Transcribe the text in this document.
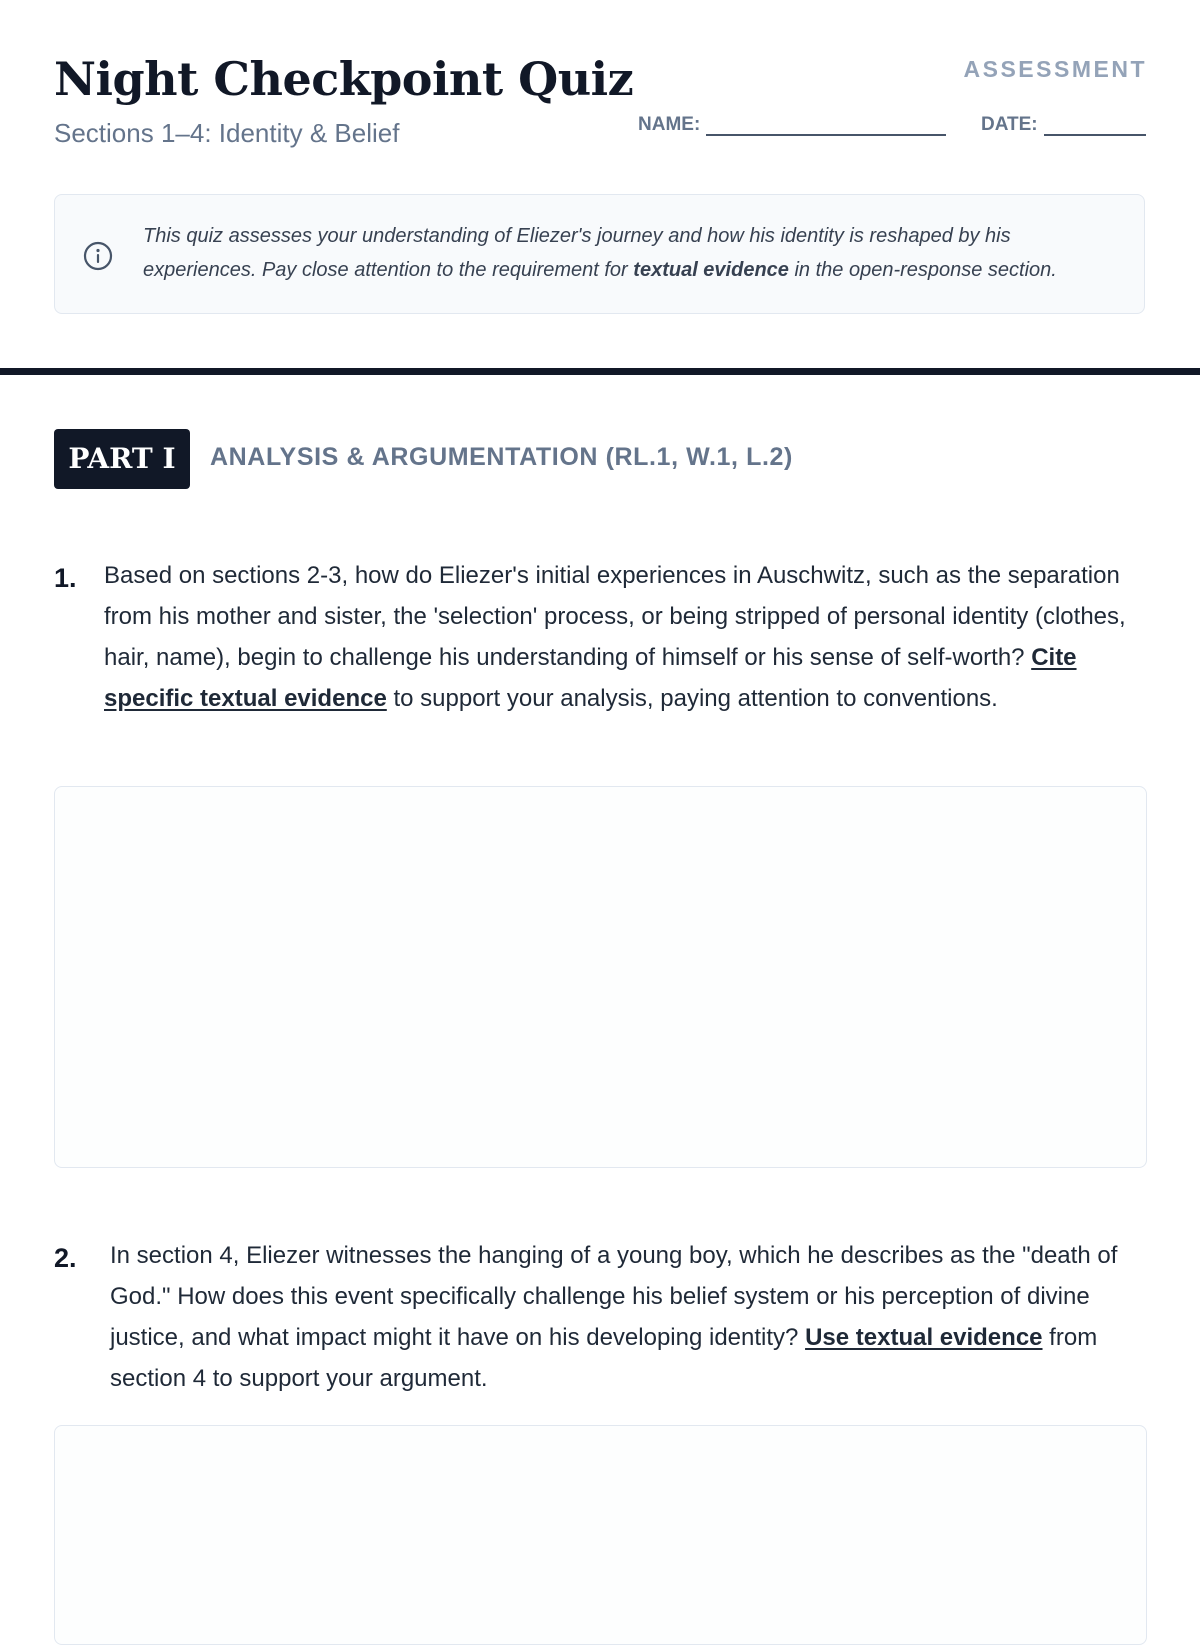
Night Checkpoint Quiz
Sections 1–4: Identity & Belief
ASSESSMENT
NAME:	DATE:
This quiz assesses your understanding of Eliezer's journey and how his identity is reshaped by his experiences. Pay close attention to the requirement for textual evidence in the open-response section.
PART I	ANALYSIS & ARGUMENTATION (RL.1, W.1, L.2)
1. Based on sections 2-3, how do Eliezer's initial experiences in Auschwitz, such as the separation from his mother and sister, the 'selection' process, or being stripped of personal identity (clothes, hair, name), begin to challenge his understanding of himself or his sense of self-worth? Cite specific textual evidence to support your analysis, paying attention to conventions.
2. In section 4, Eliezer witnesses the hanging of a young boy, which he describes as the "death of God." How does this event specifically challenge his belief system or his perception of divine justice, and what impact might it have on his developing identity? Use textual evidence from section 4 to support your argument.
